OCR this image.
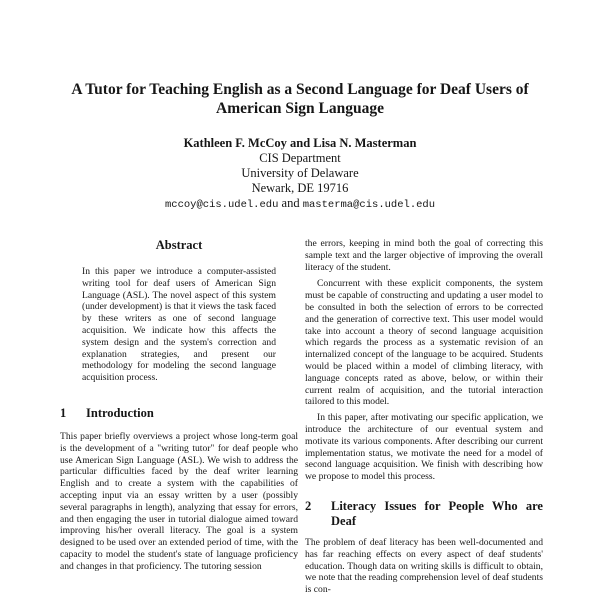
A Tutor for Teaching English as a Second Language for Deaf Users of American Sign Language
Kathleen F. McCoy and Lisa N. Masterman
CIS Department
University of Delaware
Newark, DE 19716
mccoy@cis.udel.edu and masterma@cis.udel.edu
Abstract

In this paper we introduce a computer-assisted writing tool for deaf users of American Sign Language (ASL). The novel aspect of this system (under development) is that it views the task faced by these writers as one of second language acquisition. We indicate how this affects the system design and the system's correction and explanation strategies, and present our methodology for modeling the second language acquisition process.

1	Introduction

This paper briefly overviews a project whose long-term goal is the development of a "writing tutor" for deaf people who use American Sign Language (ASL). We wish to address the particular difficulties faced by the deaf writer learning English and to create a system with the capabilities of accepting input via an essay written by a user (possibly several paragraphs in length), analyzing that essay for errors, and then engaging the user in tutorial dialogue aimed toward improving his/her overall literacy. The goal is a system designed to be used over an extended period of time, with the capacity to model the student's state of language proficiency and changes in that proficiency. The tutoring session

the errors, keeping in mind both the goal of correcting this sample text and the larger objective of improving the overall literacy of the student.

Concurrent with these explicit components, the system must be capable of constructing and updating a user model to be consulted in both the selection of errors to be corrected and the generation of corrective text. This user model would take into account a theory of second language acquisition which regards the process as a systematic revision of an internalized concept of the language to be acquired. Students would be placed within a model of climbing literacy, with language concepts rated as above, below, or within their current realm of acquisition, and the tutorial interaction tailored to this model.

In this paper, after motivating our specific application, we introduce the architecture of our eventual system and motivate its various components. After describing our current implementation status, we motivate the need for a model of second language acquisition. We finish with describing how we propose to model this process.

2	Literacy Issues for People Who are Deaf

The problem of deaf literacy has been well-documented and has far reaching effects on every aspect of deaf students' education. Though data on writing skills is difficult to obtain, we note that the reading comprehension level of deaf students is con-
